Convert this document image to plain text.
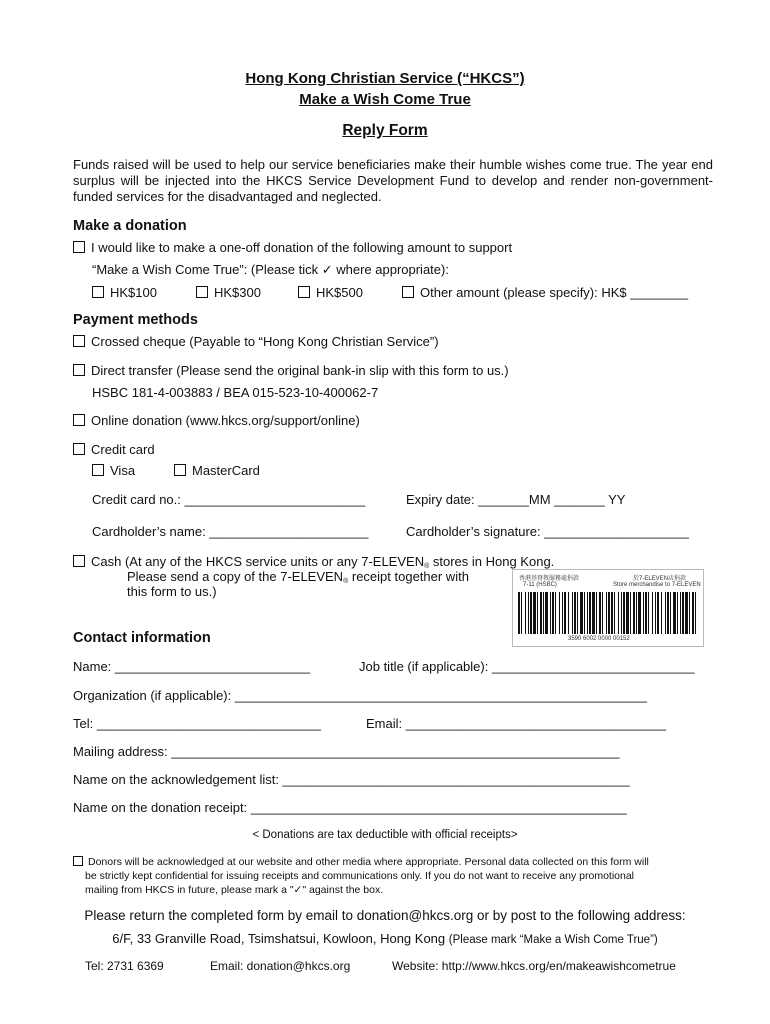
Hong Kong Christian Service (“HKCS”)
Make a Wish Come True
Reply Form
Funds raised will be used to help our service beneficiaries make their humble wishes come true. The year end surplus will be injected into the HKCS Service Development Fund to develop and render non-government-funded services for the disadvantaged and neglected.
Make a donation
I would like to make a one-off donation of the following amount to support
“Make a Wish Come True”: (Please tick ✓ where appropriate):
HK$100	HK$300	HK$500	Other amount (please specify): HK$ ________
Payment methods
Crossed cheque (Payable to “Hong Kong Christian Service”)
Direct transfer (Please send the original bank-in slip with this form to us.)
HSBC 181-4-003883 / BEA 015-523-10-400062-7
Online donation (www.hkcs.org/support/online)
Credit card
Visa	MasterCard
Credit card no.: _________________________	Expiry date: _______MM _______ YY
Cardholder’s name: ______________________	Cardholder’s signature: ____________________
Cash (At any of the HKCS service units or any $7-ELEVEN_®$ stores in Hong Kong.
Please send a copy of the $7-ELEVEN_®$ receipt together with
this form to us.)
香港基督教服務處捐款	於7-ELEVEN店捐款
7-11 (HSBC)	Store merchandise to 7-ELEVEN
3590 6002 0000 00152
Contact information
Name: ___________________________	Job title (if applicable): ____________________________
Organization (if applicable): _________________________________________________________
Tel: _______________________________	Email: ____________________________________
Mailing address: ______________________________________________________________
Name on the acknowledgement list: ________________________________________________
Name on the donation receipt: ____________________________________________________
< Donations are tax deductible with official receipts>
Donors will be acknowledged at our website and other media where appropriate. Personal data collected on this form will
be strictly kept confidential for issuing receipts and communications only. If you do not want to receive any promotional
mailing from HKCS in future, please mark a "✓" against the box.
Please return the completed form by email to donation@hkcs.org or by post to the following address:
6/F, 33 Granville Road, Tsimshatsui, Kowloon, Hong Kong (Please mark “Make a Wish Come True”)
Tel: 2731 6369	Email: donation@hkcs.org	Website: http://www.hkcs.org/en/makeawishcometrue
